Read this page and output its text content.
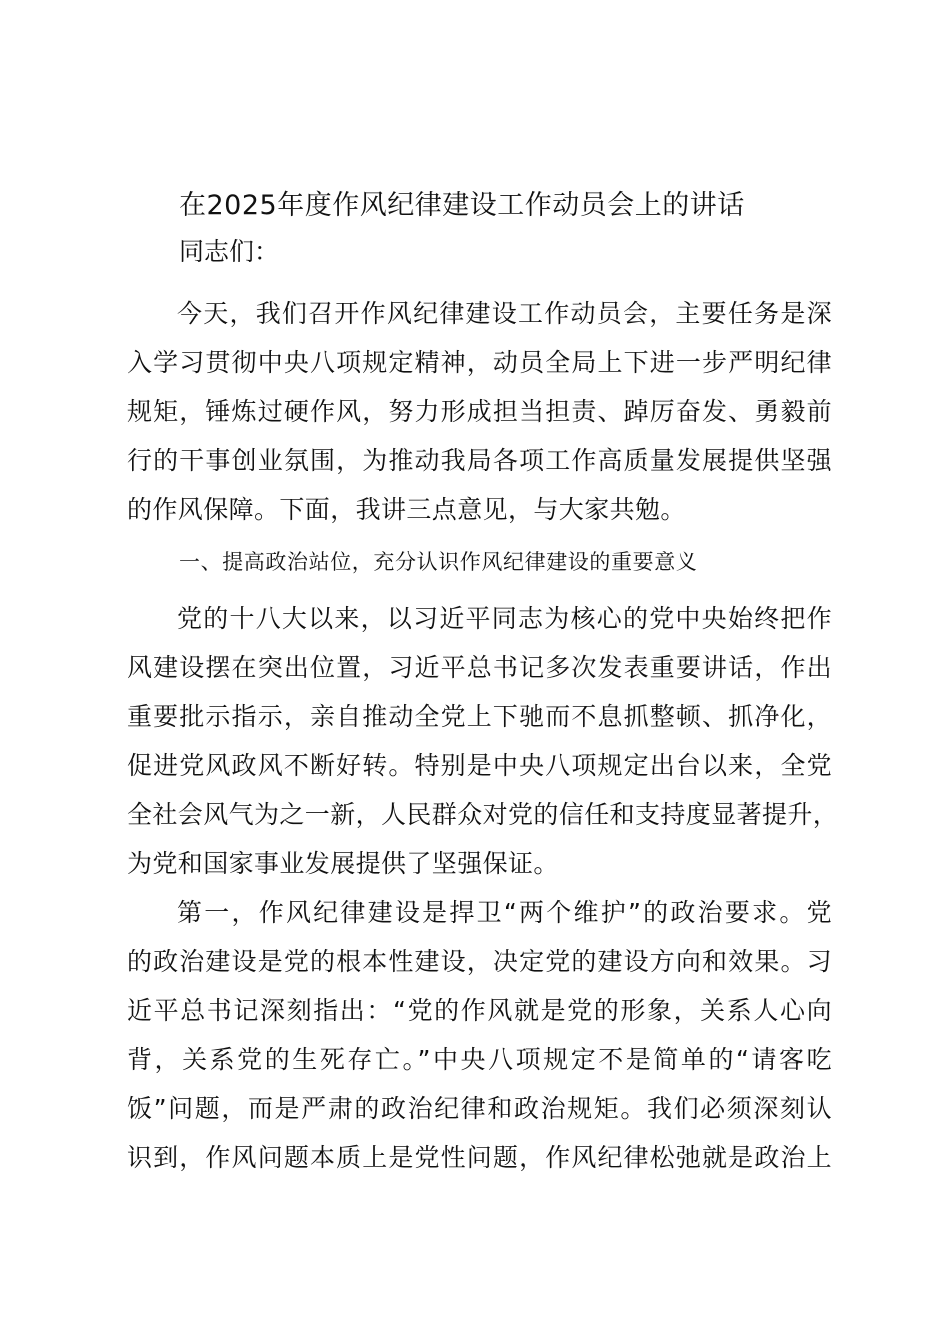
在2025年度作风纪律建设工作动员会上的讲话

同志们：

今天，我们召开作风纪律建设工作动员会，主要任务是深
入学习贯彻中央八项规定精神，动员全局上下进一步严明纪律
规矩，锤炼过硬作风，努力形成担当担责、踔厉奋发、勇毅前
行的干事创业氛围，为推动我局各项工作高质量发展提供坚强
的作风保障。下面，我讲三点意见，与大家共勉。

一、提高政治站位，充分认识作风纪律建设的重要意义

党的十八大以来，以习近平同志为核心的党中央始终把作
风建设摆在突出位置，习近平总书记多次发表重要讲话，作出
重要批示指示，亲自推动全党上下驰而不息抓整顿、抓净化，
促进党风政风不断好转。特别是中央八项规定出台以来，全党
全社会风气为之一新，人民群众对党的信任和支持度显著提升，
为党和国家事业发展提供了坚强保证。

第一，作风纪律建设是捍卫“两个维护”的政治要求。党
的政治建设是党的根本性建设，决定党的建设方向和效果。习
近平总书记深刻指出：“党的作风就是党的形象，关系人心向
背，关系党的生死存亡。”中央八项规定不是简单的“请客吃
饭”问题，而是严肃的政治纪律和政治规矩。我们必须深刻认
识到，作风问题本质上是党性问题，作风纪律松弛就是政治上
